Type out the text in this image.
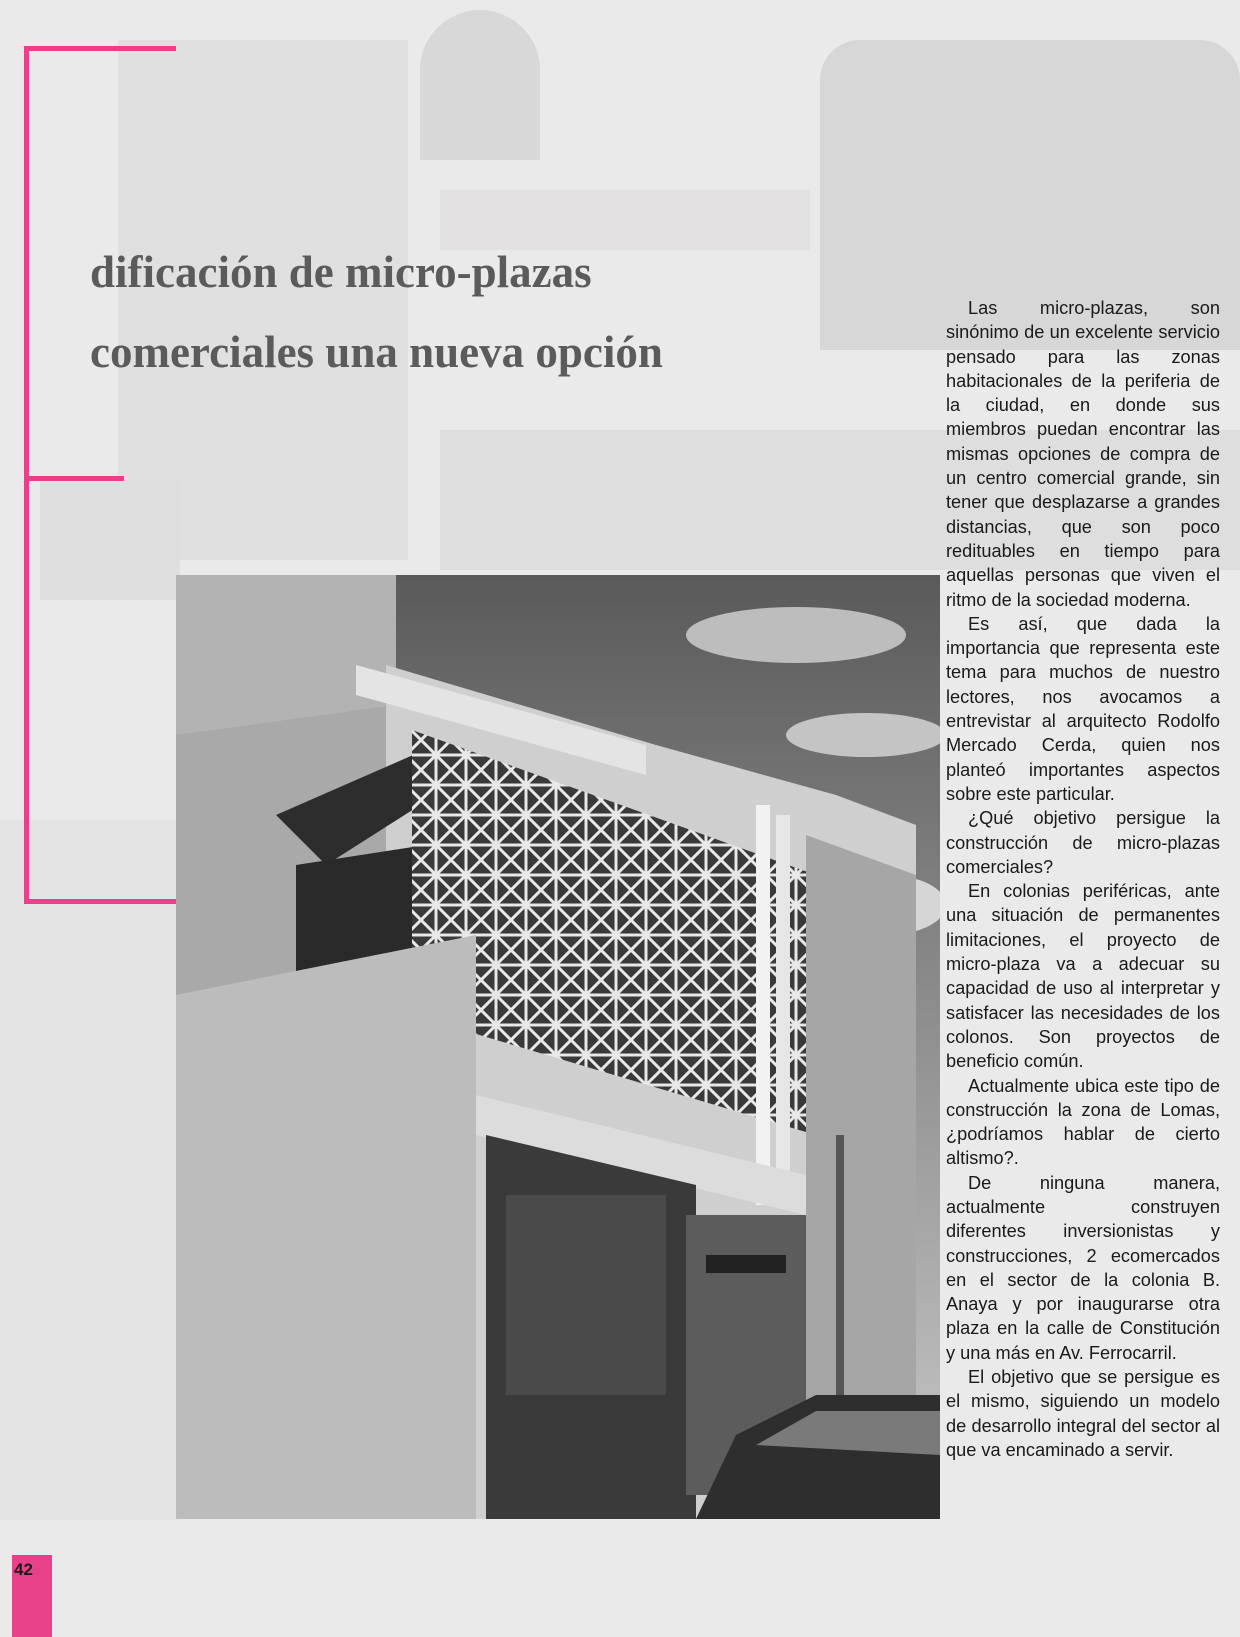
dificación de micro-plazas
comerciales una nueva opción

Las micro-plazas, son sinónimo de un excelente servicio pensado para las zonas habitacionales de la periferia de la ciudad, en donde sus miembros puedan encontrar las mismas opciones de compra de un centro comercial grande, sin tener que desplazarse a grandes distancias, que son poco redituables en tiempo para aquellas personas que viven el ritmo de la sociedad moderna.

Es así, que dada la importancia que representa este tema para muchos de nuestro lectores, nos avocamos a entrevistar al arquitecto Rodolfo Mercado Cerda, quien nos planteó importantes aspectos sobre este particular.

¿Qué objetivo persigue la construcción de micro-plazas comerciales?

En colonias periféricas, ante una situación de permanentes limitaciones, el proyecto de micro-plaza va a adecuar su capacidad de uso al interpretar y satisfacer las necesidades de los colonos. Son proyectos de beneficio común.

Actualmente ubica este tipo de construcción la zona de Lomas, ¿podríamos hablar de cierto altismo?.

De ninguna manera, actualmente construyen diferentes inversionistas y construcciones, 2 ecomercados en el sector de la colonia B. Anaya y por inaugurarse otra plaza en la calle de Constitución y una más en Av. Ferrocarril.

El objetivo que se persigue es el mismo, siguiendo un modelo de desarrollo integral del sector al que va encaminado a servir.

42
